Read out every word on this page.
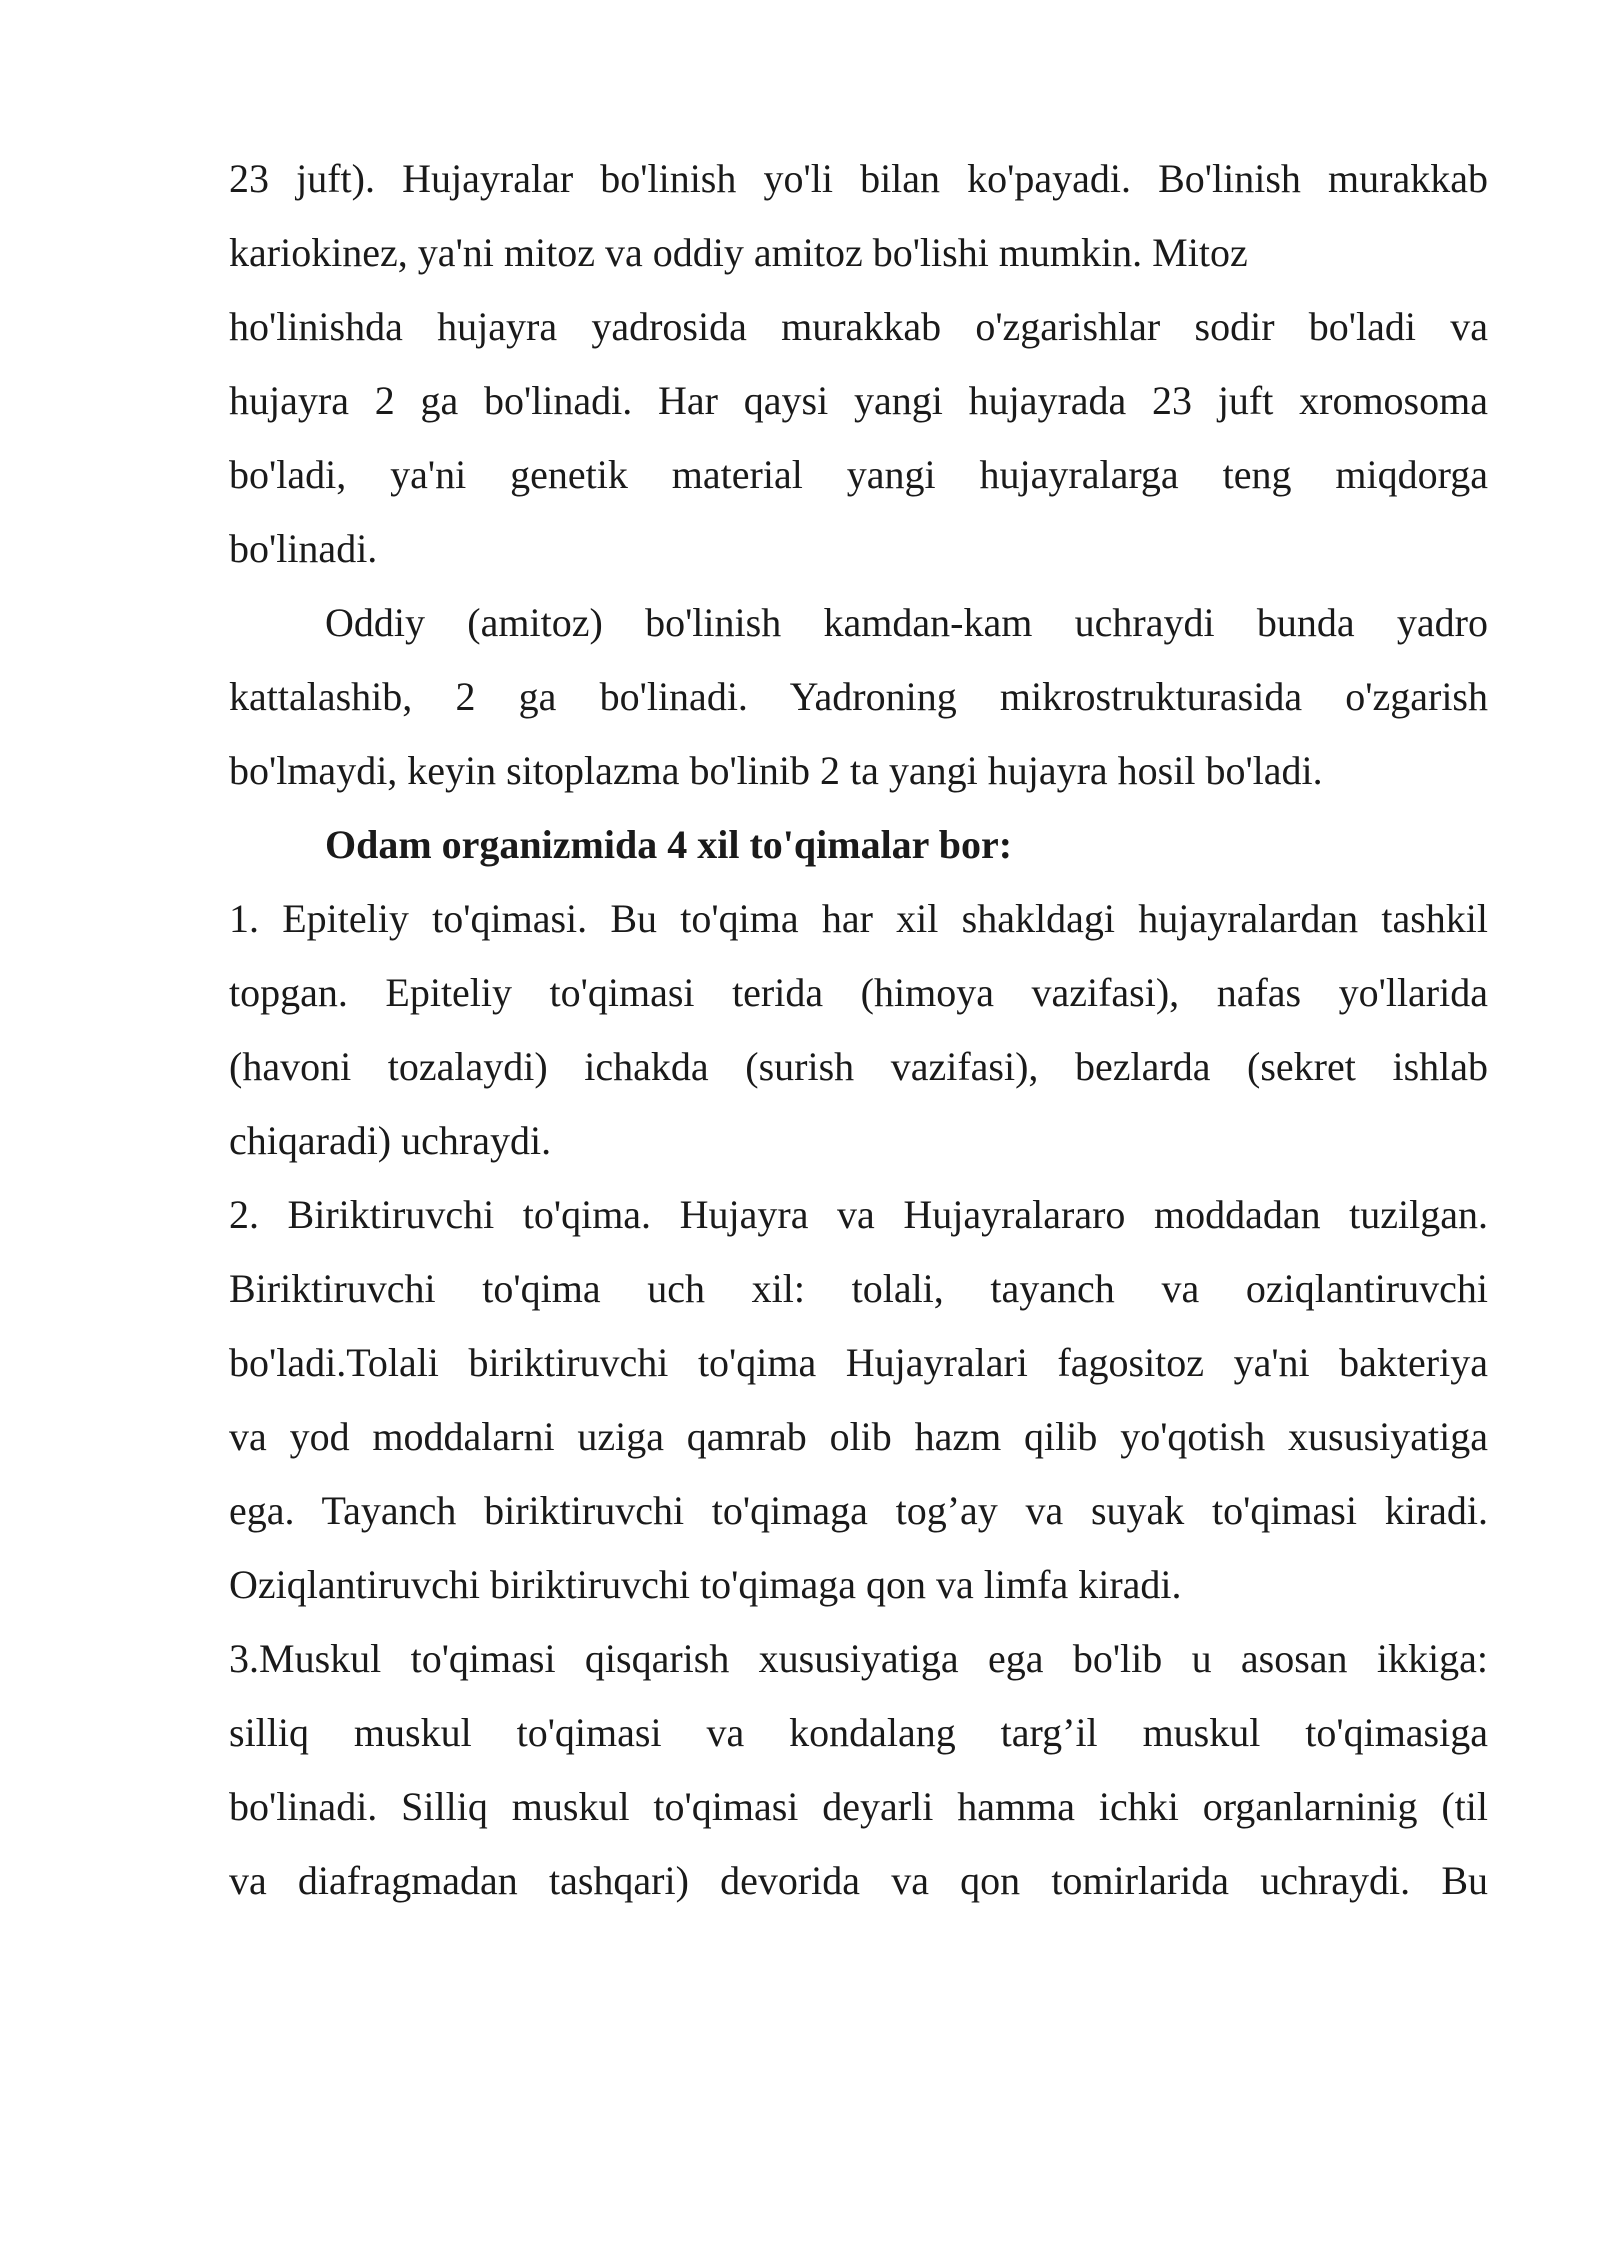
23 juft). Hujayralar bo'linish yo'li bilan ko'payadi. Bo'linish murakkab
kariokinez, ya'ni mitoz va oddiy amitoz bo'lishi mumkin. Mitoz
ho'linishda hujayra yadrosida murakkab o'zgarishlar sodir bo'ladi va
hujayra 2 ga bo'linadi. Har qaysi yangi hujayrada 23 juft xromosoma
bo'ladi, ya'ni genetik material yangi hujayralarga teng miqdorga
bo'linadi.
Oddiy (amitoz) bo'linish kamdan-kam uchraydi bunda yadro
kattalashib, 2 ga bo'linadi. Yadroning mikrostrukturasida o'zgarish
bo'lmaydi, keyin sitoplazma bo'linib 2 ta yangi hujayra hosil bo'ladi.
Odam organizmida 4 xil to'qimalar bor:
1. Epiteliy to'qimasi. Bu to'qima har xil shakldagi hujayralardan tashkil
topgan. Epiteliy to'qimasi terida (himoya vazifasi), nafas yo'llarida
(havoni tozalaydi) ichakda (surish vazifasi), bezlarda (sekret ishlab
chiqaradi) uchraydi.
2. Biriktiruvchi to'qima. Hujayra va Hujayralararo moddadan tuzilgan.
Biriktiruvchi to'qima uch xil: tolali, tayanch va oziqlantiruvchi
bo'ladi.Tolali biriktiruvchi to'qima Hujayralari fagositoz ya'ni bakteriya
va yod moddalarni uziga qamrab olib hazm qilib yo'qotish xususiyatiga
ega. Tayanch biriktiruvchi to'qimaga tog’ay va suyak to'qimasi kiradi.
Oziqlantiruvchi biriktiruvchi to'qimaga qon va limfa kiradi.
3.Muskul to'qimasi qisqarish xususiyatiga ega bo'lib u asosan ikkiga:
silliq muskul to'qimasi va kondalang targ’il muskul to'qimasiga
bo'linadi. Silliq muskul to'qimasi deyarli hamma ichki organlarninig (til
va diafragmadan tashqari) devorida va qon tomirlarida uchraydi. Bu
